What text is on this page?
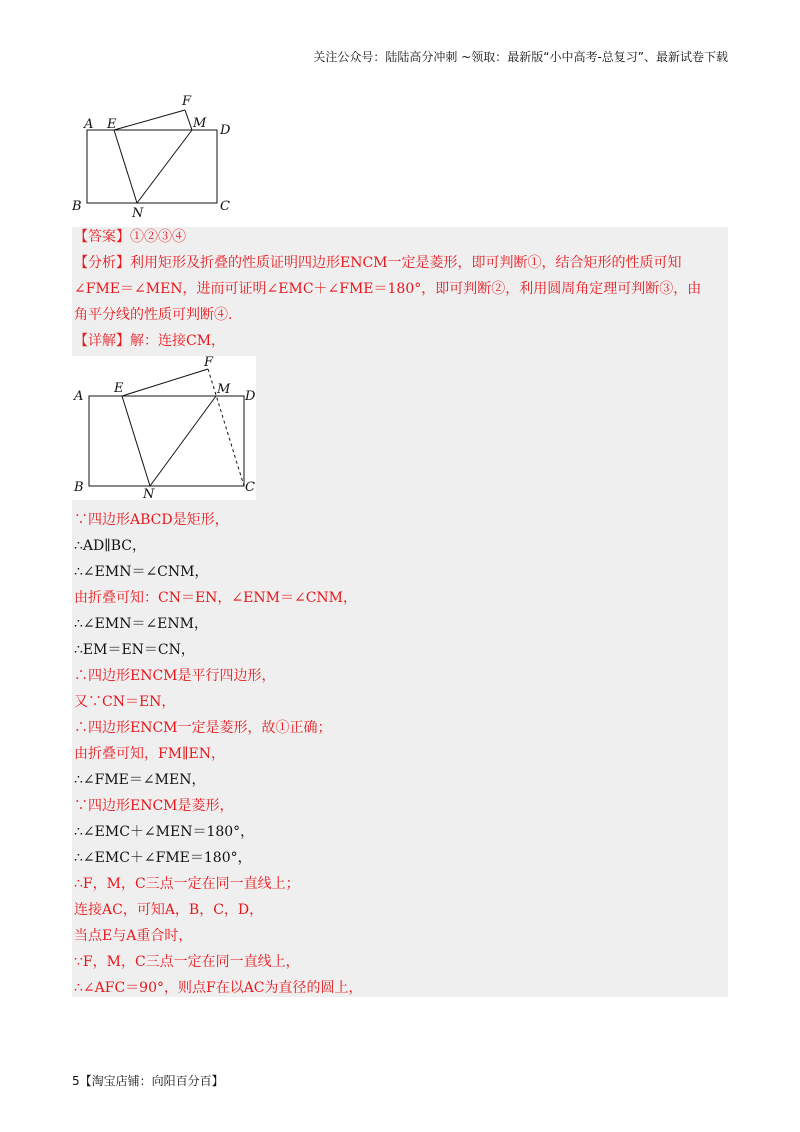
关注公众号：陆陆高分冲刺 ~领取：最新版“小中高考-总复习”、最新试卷下载
A E
F
M D
B	N	C
【答案】①②③④
【分析】利用矩形及折叠的性质证明四边形ENCM一定是菱形，即可判断①，结合矩形的性质可知
∠FME＝∠MEN，进而可证明∠EMC＋∠FME＝180°，即可判断②，利用圆周角定理可判断③，由
角平分线的性质可判断④.
【详解】解：连接CM，
A
E
F
M D
B	N	C
∵四边形ABCD是矩形，
∴AD∥BC，
∴∠EMN＝∠CNM，
由折叠可知：CN＝EN，∠ENM＝∠CNM，
∴∠EMN＝∠ENM，
∴EM＝EN＝CN，
∴四边形ENCM是平行四边形，
又∵CN＝EN，
∴四边形ENCM一定是菱形，故①正确；
由折叠可知，FM∥EN，
∴∠FME＝∠MEN，
∵四边形ENCM是菱形，
∴∠EMC＋∠MEN＝180°，
∴∠EMC＋∠FME＝180°，
∴F，M，C三点一定在同一直线上；
连接AC，可知A，B，C，D，
当点E与A重合时，
∵F，M，C三点一定在同一直线上，
∴∠AFC＝90°，则点F在以AC为直径的圆上，
5【淘宝店铺：向阳百分百】
